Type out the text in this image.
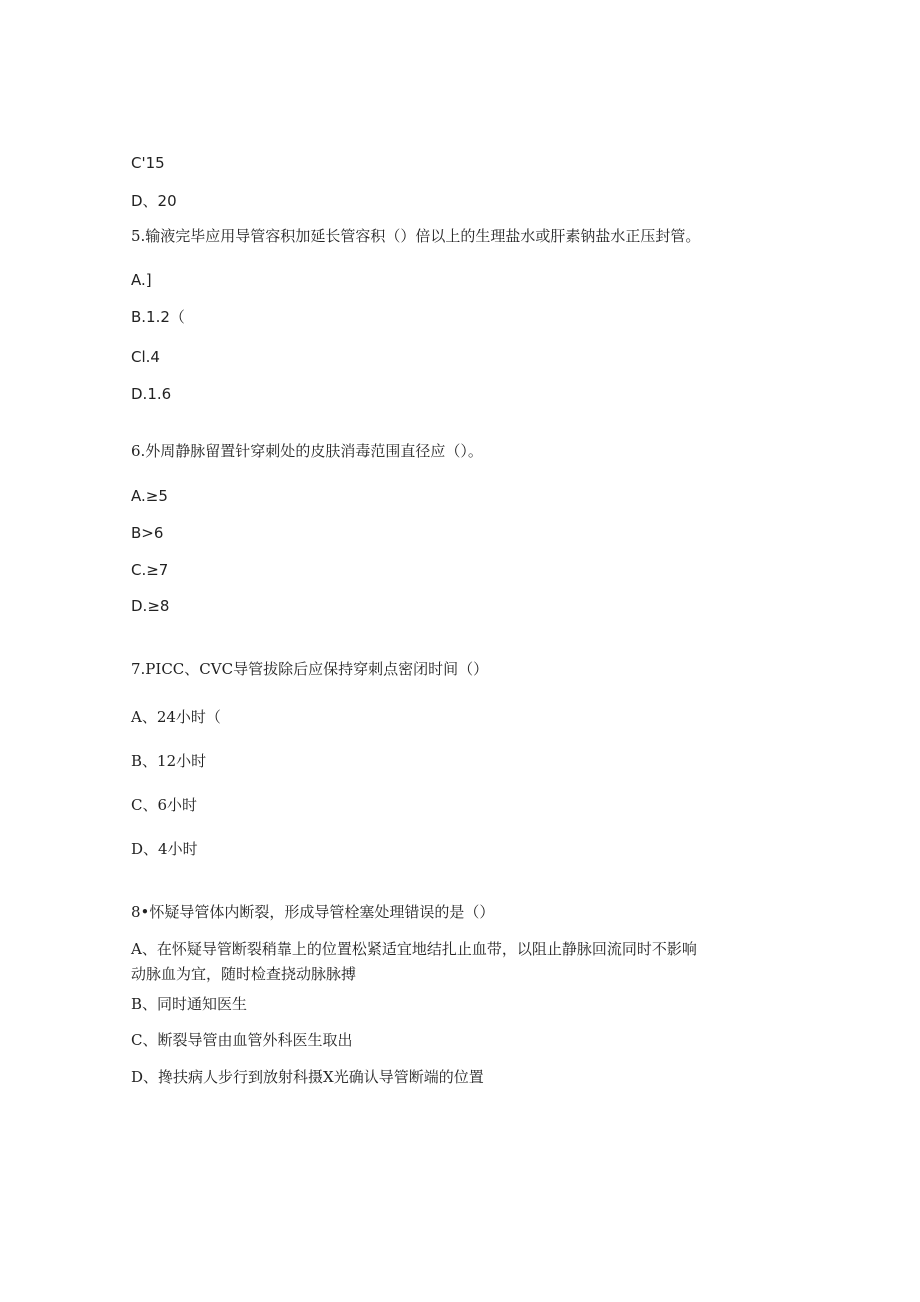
C'15
D、20
5.输液完毕应用导管容积加延长管容积（）倍以上的生理盐水或肝素钠盐水正压封管。
A.]
B.1.2（
Cl.4
D.1.6
6.外周静脉留置针穿刺处的皮肤消毒范围直径应（）。
A.≥5
B>6
C.≥7
D.≥8
7.PICC、CVC导管拔除后应保持穿刺点密闭时间（）
A、24小时（
B、12小时
C、6小时
D、4小时
8•怀疑导管体内断裂，形成导管栓塞处理错误的是（）
A、在怀疑导管断裂稍靠上的位置松紧适宜地结扎止血带，以阻止静脉回流同时不影响
动脉血为宜，随时检查挠动脉脉搏
B、同时通知医生
C、断裂导管由血管外科医生取出
D、搀扶病人步行到放射科摄X光确认导管断端的位置
